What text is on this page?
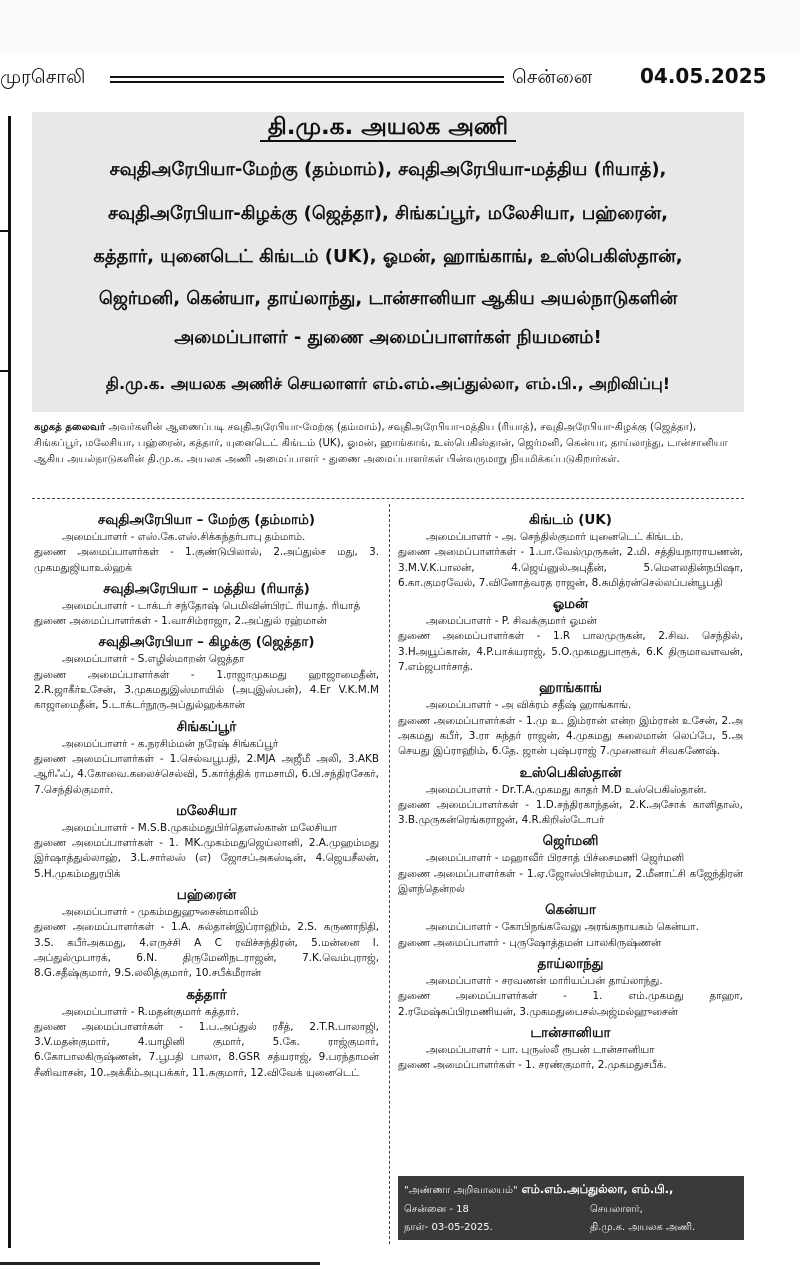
முரசொலி	சென்னை 04.05.2025
தி.மு.க. அயலக அணி
சவுதிஅரேபியா-மேற்கு (தம்மாம்), சவுதிஅரேபியா-மத்திய (ரியாத்),
சவுதிஅரேபியா-கிழக்கு (ஜெத்தா), சிங்கப்பூர், மலேசியா, பஹ்ரைன்,
கத்தார், யுனைடெட் கிங்டம் (UK), ஓமன், ஹாங்காங், உஸ்பெகிஸ்தான்,
ஜெர்மனி, கென்யா, தாய்லாந்து, டான்சானியா ஆகிய அயல்நாடுகளின்
அமைப்பாளர் - துணை அமைப்பாளர்கள் நியமனம்!
தி.மு.க. அயலக அணிச் செயலாளர் எம்.எம்.அப்துல்லா, எம்.பி., அறிவிப்பு!
கழகத் தலைவர் அவர்களின் ஆணைப்படி சவுதிஅரேபியா-மேற்கு (தம்மாம்), சவுதிஅரேபியா-மத்திய (ரியாத்), சவுதிஅரேபியா-கிழக்கு (ஜெத்தா), சிங்கப்பூர், மலேசியா, பஹ்ரைன், கத்தார், யுனைடெட் கிங்டம் (UK), ஓமன், ஹாங்காங், உஸ்பெகிஸ்தான், ஜெர்மனி, கென்யா, தாய்லாந்து, டான்சானியா ஆகிய அயல்நாடுகளின் தி.மு.க. அயலக அணி அமைப்பாளர் - துணை அமைப்பாளர்கள் பின்வருமாறு நியமிக்கப்படுகிறார்கள்.
சவுதிஅரேபியா – மேற்கு (தம்மாம்)
அமைப்பாளர் - எஸ்.கே.எஸ்.சிக்கந்தர்பாபு தம்மாம்.
துணை அமைப்பாளர்கள் - 1.குண்டுபிலால், 2.அப்துல்ச மது, 3. முகமதுஜியாஉல்ஹக்
சவுதிஅரேபியா – மத்திய (ரியாத்)
அமைப்பாளர் - டாக்டர் சந்தோஷ் பெமிவின்பிரட் ரியாத். ரியாத்
துணை அமைப்பாளர்கள் - 1.வாசிம்ராஜா, 2.அப்துல் ரஹ்மான்
சவுதிஅரேபியா – கிழக்கு (ஜெத்தா)
அமைப்பாளர் - S.எழில்மாறன் ஜெத்தா
துணை அமைப்பாளர்கள் - 1.ராஜாமுகமது ஹாஜாமைதீன், 2.R.ஜாகீர்உசேன், 3.முகமதுஇஸ்மாயில் (அபுஇஸ்பன்), 4.Er V.K.M.M காஜாமைதீன், 5.டாக்டர்நூருஅப்துல்ஹக்கான்
சிங்கப்பூர்
அமைப்பாளர் - க.நரசிம்மன் நரேஷ் சிங்கப்பூர்
துணை அமைப்பாளர்கள் - 1.செல்வபூபதி, 2.MJA அஜீமீ அலி, 3.AKB ஆரிஃப், 4.கோவை.கலைச்செல்வி, 5.கார்த்திக் ராமசாமி, 6.பி.சந்திரசேகர், 7.செந்தில்குமார்.
மலேசியா
அமைப்பாளர் - M.S.B.முகம்மதுபிர்தௌஸ்கான் மலேசியா
துணை அமைப்பாளர்கள் - 1. MK.முகம்மதுஜெய்லானி, 2.A.முஹம்மது இர்ஷாத்துல்லாஹ், 3.L.சார்லஸ் (எ) ஜோசப்அகஸ்டின், 4.ஜெயசீலன், 5.H.முகம்மதுரபிக்
பஹ்ரைன்
அமைப்பாளர் - முகம்மதுஹுசைன்மாலிம்
துணை அமைப்பாளர்கள் - 1.A. சுல்தான்இப்ராஹிம், 2.S. கருணாநிதி, 3.S. கபீர்அகமது, 4.எருச்சி A C ரவிச்சந்திரன், 5.மன்னை l. அப்துல்முபாரக், 6.N. திருமேனிநடராஜன், 7.K.வெம்புராஜ், 8.G.சதீஷ்குமார், 9.S.லலித்குமார், 10.சபீக்மீரான்
கத்தார்
அமைப்பாளர் - R.மதன்குமார் கத்தார்.
துணை அமைப்பாளர்கள் - 1.ப.அப்துல் ரசீத், 2.T.R.பாலாஜி, 3.V.மதன்குமார், 4.யாழினி குமார், 5.கே. ராஜ்குமார், 6.கோபாலகிருஷ்ணன், 7.பூபதி பாலா, 8.GSR சத்யராஜ், 9.பரந்தாமன் சீனிவாசன், 10.அக்கீம்அபுபக்கர், 11.சுகுமார், 12.விவேக் யுனைடெட்
கிங்டம் (UK)
அமைப்பாளர் - அ. செந்தில்குமார் யுனைடெட் கிங்டம்.
துணை அமைப்பாளர்கள் - 1.பா.வேல்முருகன், 2.மி. சத்தியநாராயணன், 3.M.V.K.பாலன், 4.ஜெய்னுல்அபுதீன், 5.மௌலதின்நபிஷா, 6.கா.குமரவேல், 7.வினோத்வரத ராஜன், 8.சுமித்ரன்செல்லப்பன்பூபதி
ஓமன்
அமைப்பாளர் - P. சிவக்குமார் ஓமன்
துணை அமைப்பாளர்கள் - 1.R பாலமுருகன், 2.சிவ. செந்தில், 3.Hஅயூப்கான், 4.P.பாக்யராஜ், 5.O.முகமதுபாரூக், 6.K திருமாவளவன், 7.எம்ஜபார்சாத்.
ஹாங்காங்
அமைப்பாளர் - அ விக்ரம் சதீஷ் ஹாங்காங்.
துணை அமைப்பாளர்கள் - 1.மு உ. இம்ரான் என்ற இம்ரான் உசேன், 2.அ அகமது கபீர், 3.ரா சுந்தர் ராஜன், 4.முகமது சுலைமான் லெப்பே, 5.அ செயது இப்ராஹிம், 6.தே. ஜான் புஷ்பராஜ் 7.முனைவர் சிவகணேஷ்.
உஸ்பெகிஸ்தான்
அமைப்பாளர் - Dr.T.A.முகமது காதர் M.D உஸ்பெகிஸ்தான்.
துணை அமைப்பாளர்கள் - 1.D.சந்திரகாந்தன், 2.K.அசோக் காளிதாஸ், 3.B.முருகன்ரெங்கராஜன், 4.R.கிறிஸ்டோபர்
ஜெர்மனி
அமைப்பாளர் - மஹாவீர் பிரசாத் பிச்சைமணி ஜெர்மனி
துணை அமைப்பாளர்கள் - 1.ஏ.ஜோஸ்பின்ரம்யா, 2.மீனாட்சி கஜேந்திரன் இளந்தென்றல்
கென்யா
அமைப்பாளர் - கோபிநங்கவேலு அரங்கநாயகம் கென்யா.
துணை அமைப்பாளர் - புருஷோத்தமன் பாலகிருஷ்ணன்
தாய்லாந்து
அமைப்பாளர் - சரவணன் மாரியப்பன் தாய்லாந்து.
துணை அமைப்பாளர்கள் - 1. எம்.முகமது தாஹா, 2.ரமேஷ்சுப்பிரமணியன், 3.முகமதுபைசல்அஜ்மல்ஹுசைன்
டான்சானியா
அமைப்பாளர் - பா. புருஸ்லீ ரூபன் டான்சானியா
துணை அமைப்பாளர்கள் - 1. சரண்குமார், 2.முகமதுசபீக்.
"அண்ணா அறிவாலயம்" எம்.எம்.அப்துல்லா, எம்.பி.,
சென்னை - 18	செயலாளர்,
நாள்- 03-05-2025.	தி.மு.க. அயலக அணி.
